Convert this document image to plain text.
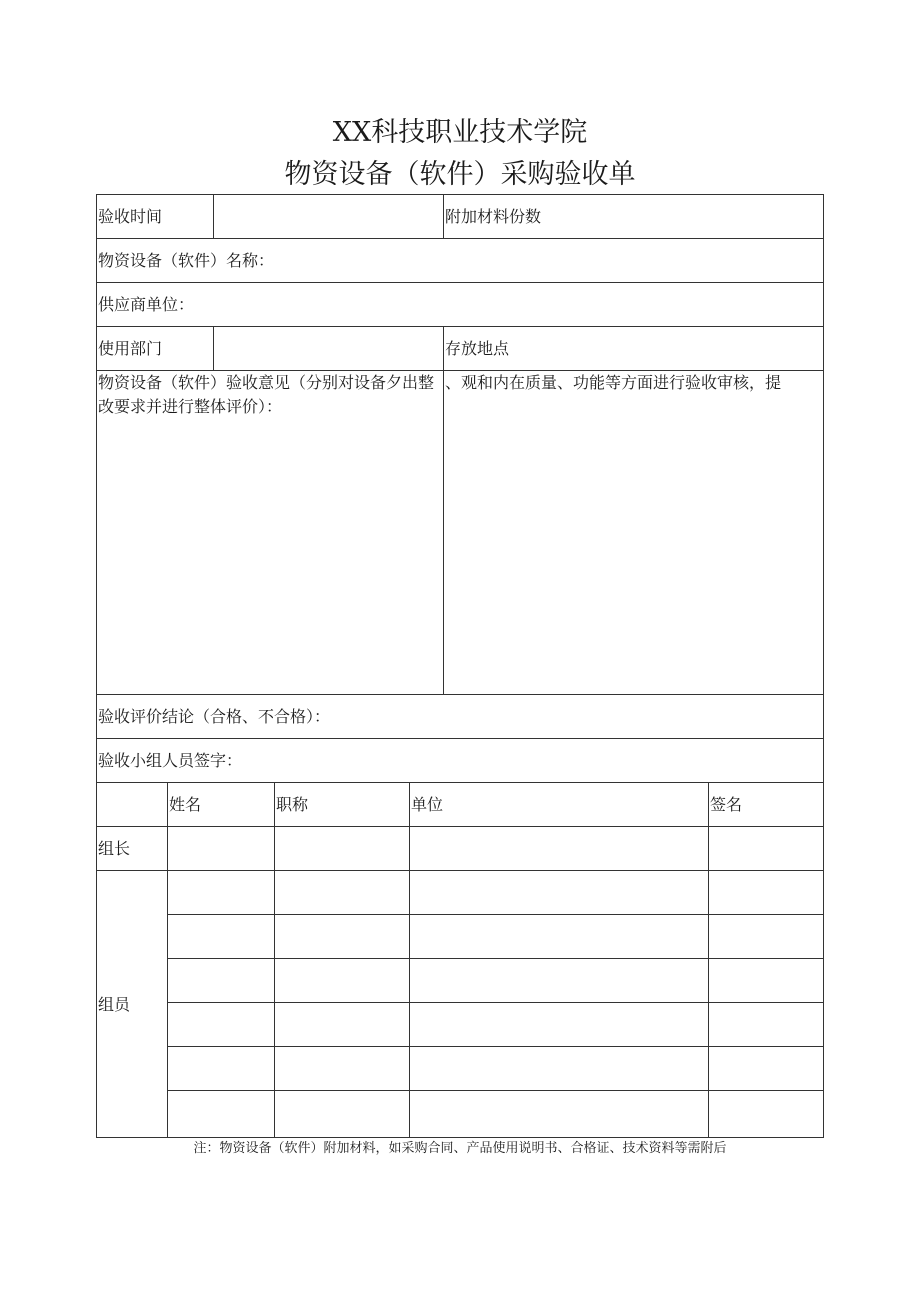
XX科技职业技术学院
物资设备（软件）采购验收单

验收时间	附加材料份数

物资设备（软件）名称：

供应商单位：

使用部门	存放地点

物资设备（软件）验收意见（分别对设备夕出整改要求并进行整体评价）：

、观和内在质量、功能等方面进行验收审核，提

验收评价结论（合格、不合格）：

验收小组人员签字：

姓名	职称	单位	签名

组长

组员

注：物资设备（软件）附加材料，如采购合同、产品使用说明书、合格证、技术资料等需附后
